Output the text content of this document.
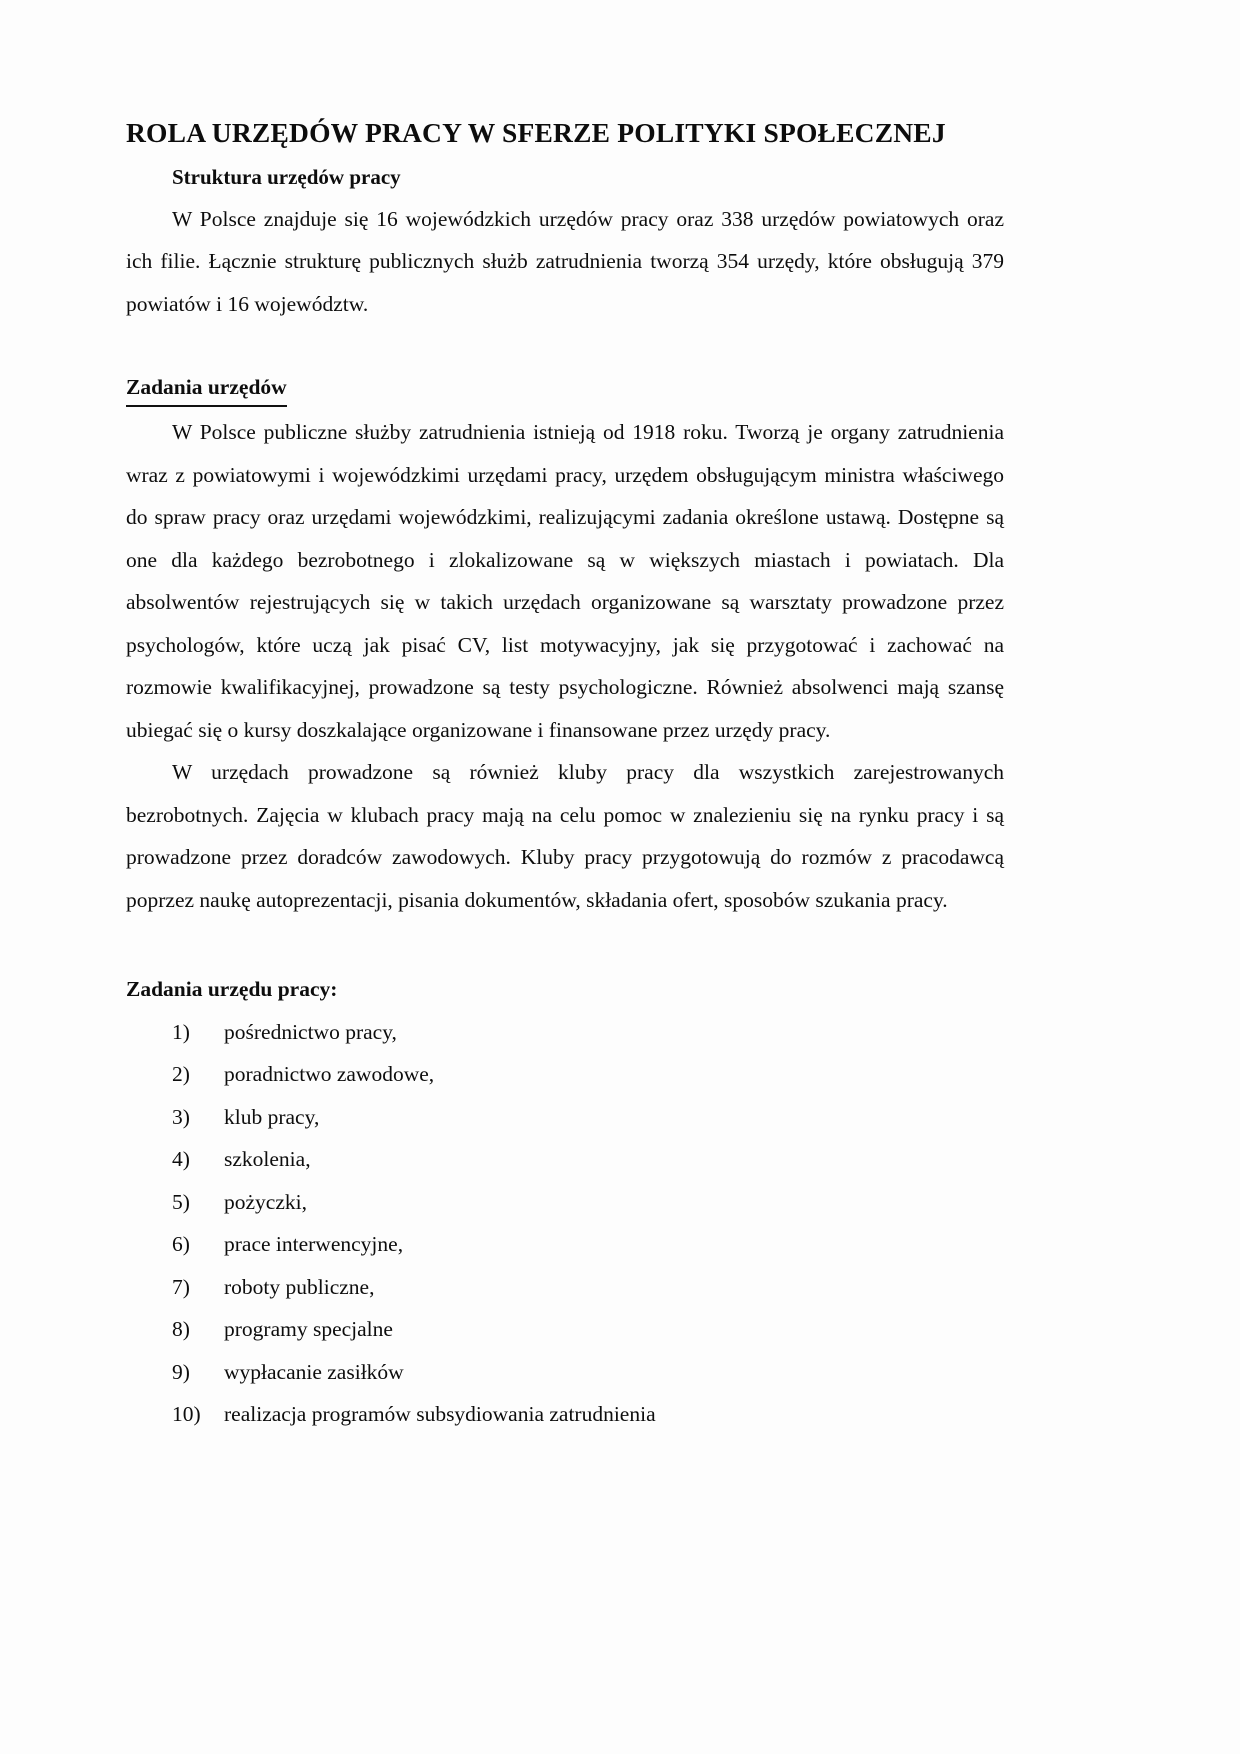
ROLA URZĘDÓW PRACY W SFERZE POLITYKI SPOŁECZNEJ

Struktura urzędów pracy

W Polsce znajduje się 16 wojewódzkich urzędów pracy oraz 338 urzędów powiatowych oraz ich filie. Łącznie strukturę publicznych służb zatrudnienia tworzą 354 urzędy, które obsługują 379 powiatów i 16 województw.

Zadania urzędów

W Polsce publiczne służby zatrudnienia istnieją od 1918 roku. Tworzą je organy zatrudnienia wraz z powiatowymi i wojewódzkimi urzędami pracy, urzędem obsługującym ministra właściwego do spraw pracy oraz urzędami wojewódzkimi, realizującymi zadania określone ustawą. Dostępne są one dla każdego bezrobotnego i zlokalizowane są w większych miastach i powiatach. Dla absolwentów rejestrujących się w takich urzędach organizowane są warsztaty prowadzone przez psychologów, które uczą jak pisać CV, list motywacyjny, jak się przygotować i zachować na rozmowie kwalifikacyjnej, prowadzone są testy psychologiczne. Również absolwenci mają szansę ubiegać się o kursy doszkalające organizowane i finansowane przez urzędy pracy.

W urzędach prowadzone są również kluby pracy dla wszystkich zarejestrowanych bezrobotnych. Zajęcia w klubach pracy mają na celu pomoc w znalezieniu się na rynku pracy i są prowadzone przez doradców zawodowych. Kluby pracy przygotowują do rozmów z pracodawcą poprzez naukę autoprezentacji, pisania dokumentów, składania ofert, sposobów szukania pracy.

Zadania urzędu pracy:

1)	pośrednictwo pracy,
2)	poradnictwo zawodowe,
3)	klub pracy,
4)	szkolenia,
5)	pożyczki,
6)	prace interwencyjne,
7)	roboty publiczne,
8)	programy specjalne
9)	wypłacanie zasiłków
10)	realizacja programów subsydiowania zatrudnienia
